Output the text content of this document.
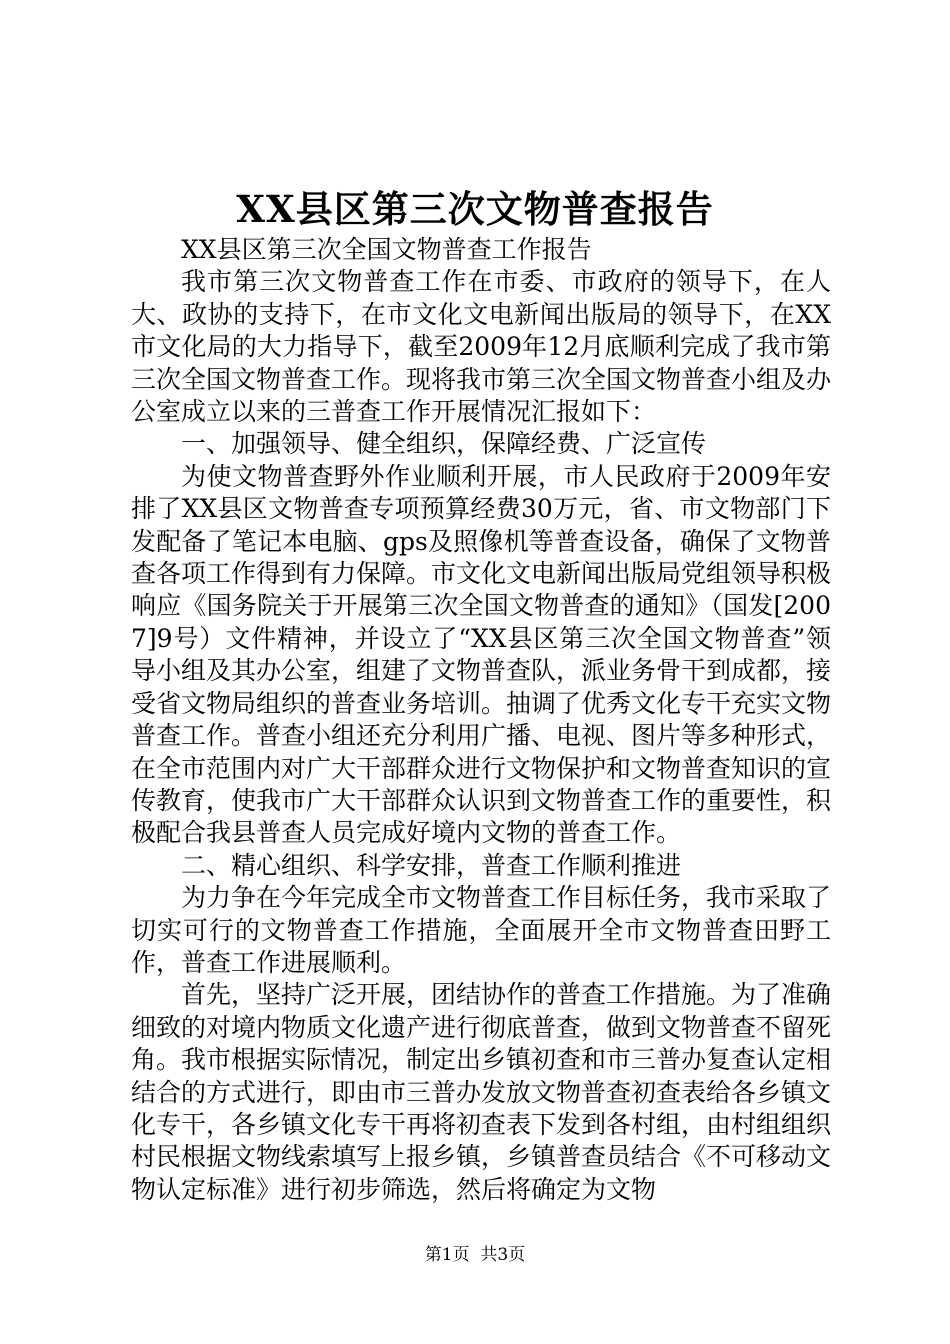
XX县区第三次文物普查报告

XX县区第三次全国文物普查工作报告

我市第三次文物普查工作在市委、市政府的领导下，在人大、政协的支持下，在市文化文电新闻出版局的领导下，在XX市文化局的大力指导下，截至2009年12月底顺利完成了我市第三次全国文物普查工作。现将我市第三次全国文物普查小组及办公室成立以来的三普查工作开展情况汇报如下：

一、加强领导、健全组织，保障经费、广泛宣传

为使文物普查野外作业顺利开展，市人民政府于2009年安排了XX县区文物普查专项预算经费30万元，省、市文物部门下发配备了笔记本电脑、gps及照像机等普查设备，确保了文物普查各项工作得到有力保障。市文化文电新闻出版局党组领导积极响应《国务院关于开展第三次全国文物普查的通知》（国发[2007]9号）文件精神，并设立了“XX县区第三次全国文物普查”领导小组及其办公室，组建了文物普查队，派业务骨干到成都，接受省文物局组织的普查业务培训。抽调了优秀文化专干充实文物普查工作。普查小组还充分利用广播、电视、图片等多种形式，在全市范围内对广大干部群众进行文物保护和文物普查知识的宣传教育，使我市广大干部群众认识到文物普查工作的重要性，积极配合我县普查人员完成好境内文物的普查工作。

二、精心组织、科学安排，普查工作顺利推进

为力争在今年完成全市文物普查工作目标任务，我市采取了切实可行的文物普查工作措施，全面展开全市文物普查田野工作，普查工作进展顺利。

首先，坚持广泛开展，团结协作的普查工作措施。为了准确细致的对境内物质文化遗产进行彻底普查，做到文物普查不留死角。我市根据实际情况，制定出乡镇初查和市三普办复查认定相结合的方式进行，即由市三普办发放文物普查初查表给各乡镇文化专干，各乡镇文化专干再将初查表下发到各村组，由村组组织村民根据文物线索填写上报乡镇，乡镇普查员结合《不可移动文物认定标准》进行初步筛选，然后将确定为文物

第1页 共3页
